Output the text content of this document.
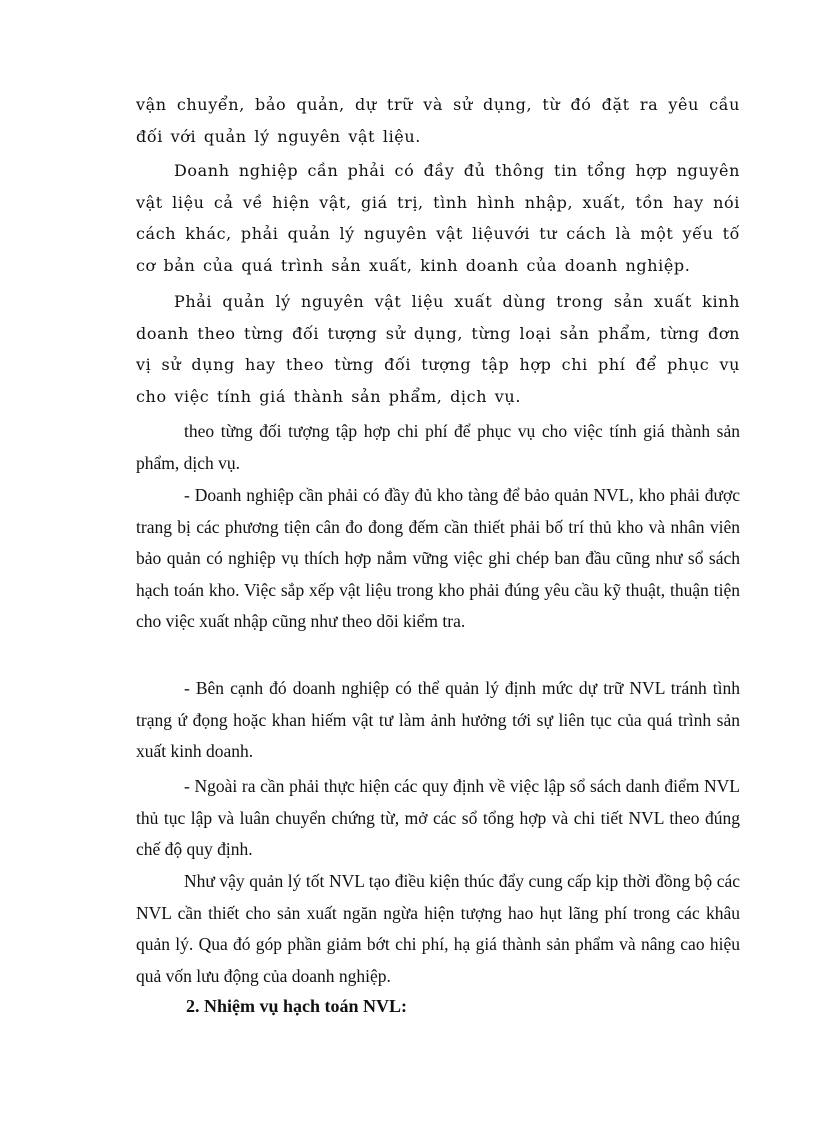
vận chuyển, bảo quản, dự trữ và sử dụng, từ đó đặt ra yêu cầu đối với quản lý nguyên vật liệu.

Doanh nghiệp cần phải có đầy đủ thông tin tổng hợp nguyên vật liệu cả về hiện vật, giá trị, tình hình nhập, xuất, tồn hay nói cách khác, phải quản lý nguyên vật liệuvới tư cách là một yếu tố cơ bản của quá trình sản xuất, kinh doanh của doanh nghiệp.

Phải quản lý nguyên vật liệu xuất dùng trong sản xuất kinh doanh theo từng đối tượng sử dụng, từng loại sản phẩm, từng đơn vị sử dụng hay theo từng đối tượng tập hợp chi phí để phục vụ cho việc tính giá thành sản phẩm, dịch vụ.

theo từng đối tượng tập hợp chi phí để phục vụ cho việc tính giá thành sản phẩm, dịch vụ.

- Doanh nghiệp cần phải có đầy đủ kho tàng để bảo quản NVL, kho phải được trang bị các phương tiện cân đo đong đếm cần thiết phải bố trí thủ kho và nhân viên bảo quản có nghiệp vụ thích hợp nắm vững việc ghi chép ban đầu cũng như sổ sách hạch toán kho. Việc sắp xếp vật liệu trong kho phải đúng yêu cầu kỹ thuật, thuận tiện cho việc xuất nhập cũng như theo dõi kiểm tra.

- Bên cạnh đó doanh nghiệp có thể quản lý định mức dự trữ NVL tránh tình trạng ứ đọng hoặc khan hiếm vật tư làm ảnh hưởng tới sự liên tục của quá trình sản xuất kinh doanh.

- Ngoài ra cần phải thực hiện các quy định về việc lập sổ sách danh điểm NVL thủ tục lập và luân chuyển chứng từ, mở các sổ tổng hợp và chi tiết NVL theo đúng chế độ quy định.

Như vậy quản lý tốt NVL tạo điều kiện thúc đẩy cung cấp kịp thời đồng bộ các NVL cần thiết cho sản xuất ngăn ngừa hiện tượng hao hụt lãng phí trong các khâu quản lý. Qua đó góp phần giảm bớt chi phí, hạ giá thành sản phẩm và nâng cao hiệu quả vốn lưu động của doanh nghiệp.

2. Nhiệm vụ hạch toán NVL:
